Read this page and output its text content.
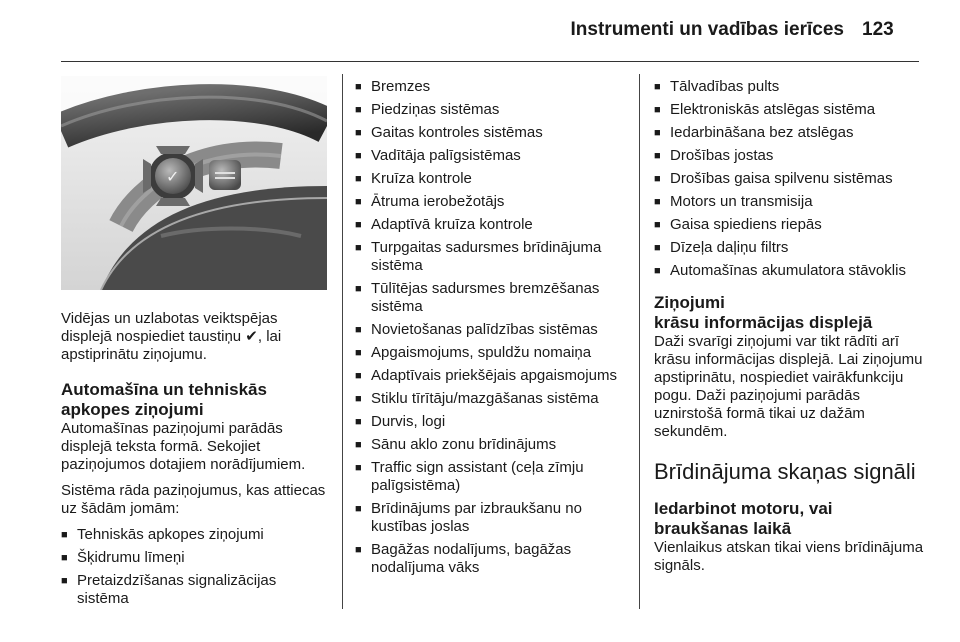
Instrumenti un vadības ierīces 123
✓

Vidējas un uzlabotas veiktspējas displejā nospiediet taustiņu ✔, lai apstiprinātu ziņojumu.

Automašīna un tehniskās
apkopes ziņojumi

Automašīnas paziņojumi parādās displejā teksta formā. Sekojiet paziņojumos dotajiem norādījumiem.

Sistēma rāda paziņojumus, kas attiecas uz šādām jomām:

■ Tehniskās apkopes ziņojumi
■ Šķidrumu līmeņi
■ Pretaizdzīšanas signalizācijas sistēma
■ Bremzes
■ Piedziņas sistēmas
■ Gaitas kontroles sistēmas
■ Vadītāja palīgsistēmas
■ Kruīza kontrole
■ Ātruma ierobežotājs
■ Adaptīvā kruīza kontrole
■ Turpgaitas sadursmes brīdinājuma sistēma
■ Tūlītējas sadursmes bremzēšanas sistēma
■ Novietošanas palīdzības sistēmas
■ Apgaismojums, spuldžu nomaiņa
■ Adaptīvais priekšējais apgaismojums
■ Stiklu tīrītāju/mazgāšanas sistēma
■ Durvis, logi
■ Sānu aklo zonu brīdinājums
■ Traffic sign assistant (ceļa zīmju palīgsistēma)
■ Brīdinājums par izbraukšanu no kustības joslas
■ Bagāžas nodalījums, bagāžas nodalījuma vāks
■ Tālvadības pults
■ Elektroniskās atslēgas sistēma
■ Iedarbināšana bez atslēgas
■ Drošības jostas
■ Drošības gaisa spilvenu sistēmas
■ Motors un transmisija
■ Gaisa spiediens riepās
■ Dīzeļa daļiņu filtrs
■ Automašīnas akumulatora stāvoklis
Ziņojumi
krāsu informācijas displejā

Daži svarīgi ziņojumi var tikt rādīti arī krāsu informācijas displejā. Lai ziņojumu apstiprinātu, nospiediet vairākfunkciju pogu. Daži paziņojumi parādās uznirstošā formā tikai uz dažām sekundēm.

Brīdinājuma skaņas signāli
Iedarbinot motoru, vai
braukšanas laikā

Vienlaikus atskan tikai viens brīdinājuma signāls.
